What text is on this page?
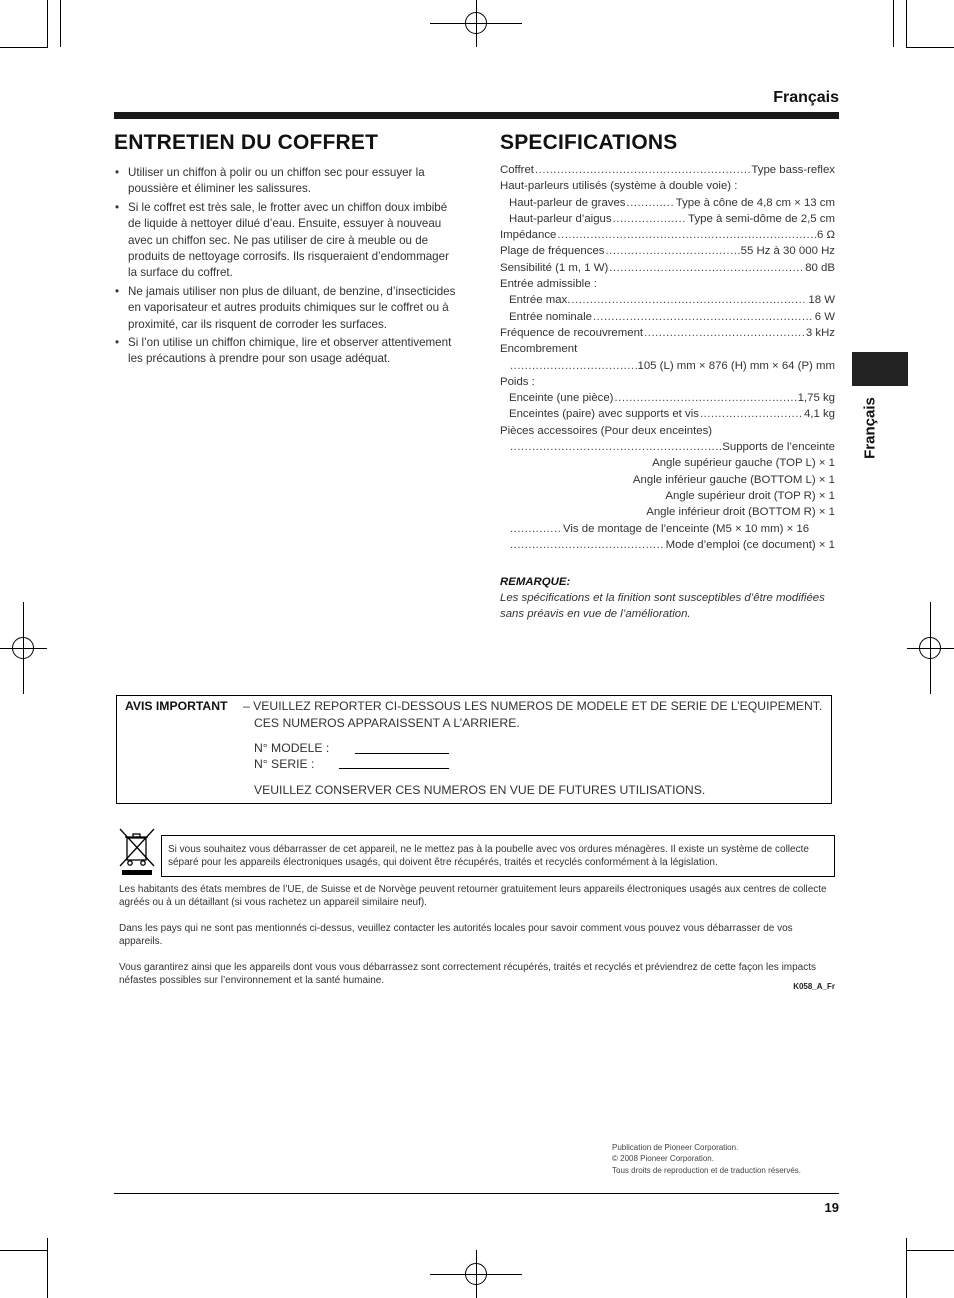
Français
ENTRETIEN DU COFFRET
• Utiliser un chiffon à polir ou un chiffon sec pour essuyer la poussière et éliminer les salissures.
• Si le coffret est très sale, le frotter avec un chiffon doux imbibé de liquide à nettoyer dilué d’eau. Ensuite, essuyer à nouveau avec un chiffon sec. Ne pas utiliser de cire à meuble ou de produits de nettoyage corrosifs. Ils risqueraient d’endommager la surface du coffret.
• Ne jamais utiliser non plus de diluant, de benzine, d’insecticides en vaporisateur et autres produits chimiques sur le coffret ou à proximité, car ils risquent de corroder les surfaces.
• Si l’on utilise un chiffon chimique, lire et observer attentivement les précautions à prendre pour son usage adéquat.
SPECIFICATIONS
Coffret .....	Type bass-reflex
Haut-parleurs utilisés (système à double voie) :
Haut-parleur de graves .....	Type à cône de 4,8 cm × 13 cm
Haut-parleur d’aigus .....	Type à semi-dôme de 2,5 cm
Impédance .....	6 Ω
Plage de fréquences .....	55 Hz à 30 000 Hz
Sensibilité (1 m, 1 W) .....	80 dB
Entrée admissible :
Entrée max. .....	18 W
Entrée nominale .....	6 W
Fréquence de recouvrement .....	3 kHz
Encombrement
.....
105 (L) mm × 876 (H) mm × 64 (P) mm
Poids :
Enceinte (une pièce) .....	1,75 kg
Enceintes (paire) avec supports et vis .....	4,1 kg
Pièces accessoires (Pour deux enceintes)
.....
Supports de l’enceinte
Angle supérieur gauche (TOP L) × 1
Angle inférieur gauche (BOTTOM L) × 1
Angle supérieur droit (TOP R) × 1
Angle inférieur droit (BOTTOM R) × 1
.....
Vis de montage de l’enceinte (M5 × 10 mm) × 16
.....
Mode d’emploi (ce document) × 1
REMARQUE:
Les spécifications et la finition sont susceptibles d’être modifiées sans préavis en vue de l’amélioration.
Français
AVIS IMPORTANT – VEUILLEZ REPORTER CI-DESSOUS LES NUMEROS DE MODELE ET DE SERIE DE L’EQUIPEMENT.
CES NUMEROS APPARAISSENT A L’ARRIERE.
N° MODELE :
N° SERIE :
VEUILLEZ CONSERVER CES NUMEROS EN VUE DE FUTURES UTILISATIONS.
Si vous souhaitez vous débarrasser de cet appareil, ne le mettez pas à la poubelle avec vos ordures ménagères. Il existe un système de collecte séparé pour les appareils électroniques usagés, qui doivent être récupérés, traités et recyclés conformément à la législation.
Les habitants des états membres de l’UE, de Suisse et de Norvège peuvent retourner gratuitement leurs appareils électroniques usagés aux centres de collecte agréés ou à un détaillant (si vous rachetez un appareil similaire neuf).
Dans les pays qui ne sont pas mentionnés ci-dessus, veuillez contacter les autorités locales pour savoir comment vous pouvez vous débarrasser de vos appareils.
Vous garantirez ainsi que les appareils dont vous vous débarrassez sont correctement récupérés, traités et recyclés et préviendrez de cette façon les impacts néfastes possibles sur l’environnement et la santé humaine.
K058_A_Fr
Publication de Pioneer Corporation.
© 2008 Pioneer Corporation.
Tous droits de reproduction et de traduction réservés.
19
